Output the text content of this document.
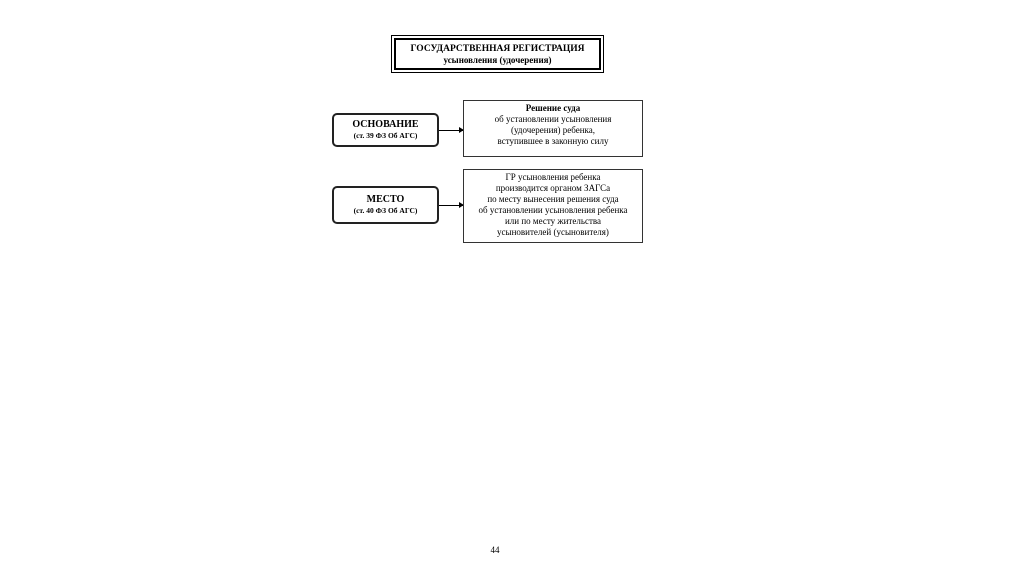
ГОСУДАРСТВЕННАЯ РЕГИСТРАЦИЯ
усыновления (удочерения)
ОСНОВАНИЕ
(ст. 39 ФЗ Об АГС)
Решение суда
об установлении усыновления
(удочерения) ребенка,
вступившее в законную силу
МЕСТО
(ст. 40 ФЗ Об АГС)
ГР усыновления ребенка
производится органом ЗАГСа
по месту вынесения решения суда
об установлении усыновления ребенка
или по месту жительства
усыновителей (усыновителя)
44
